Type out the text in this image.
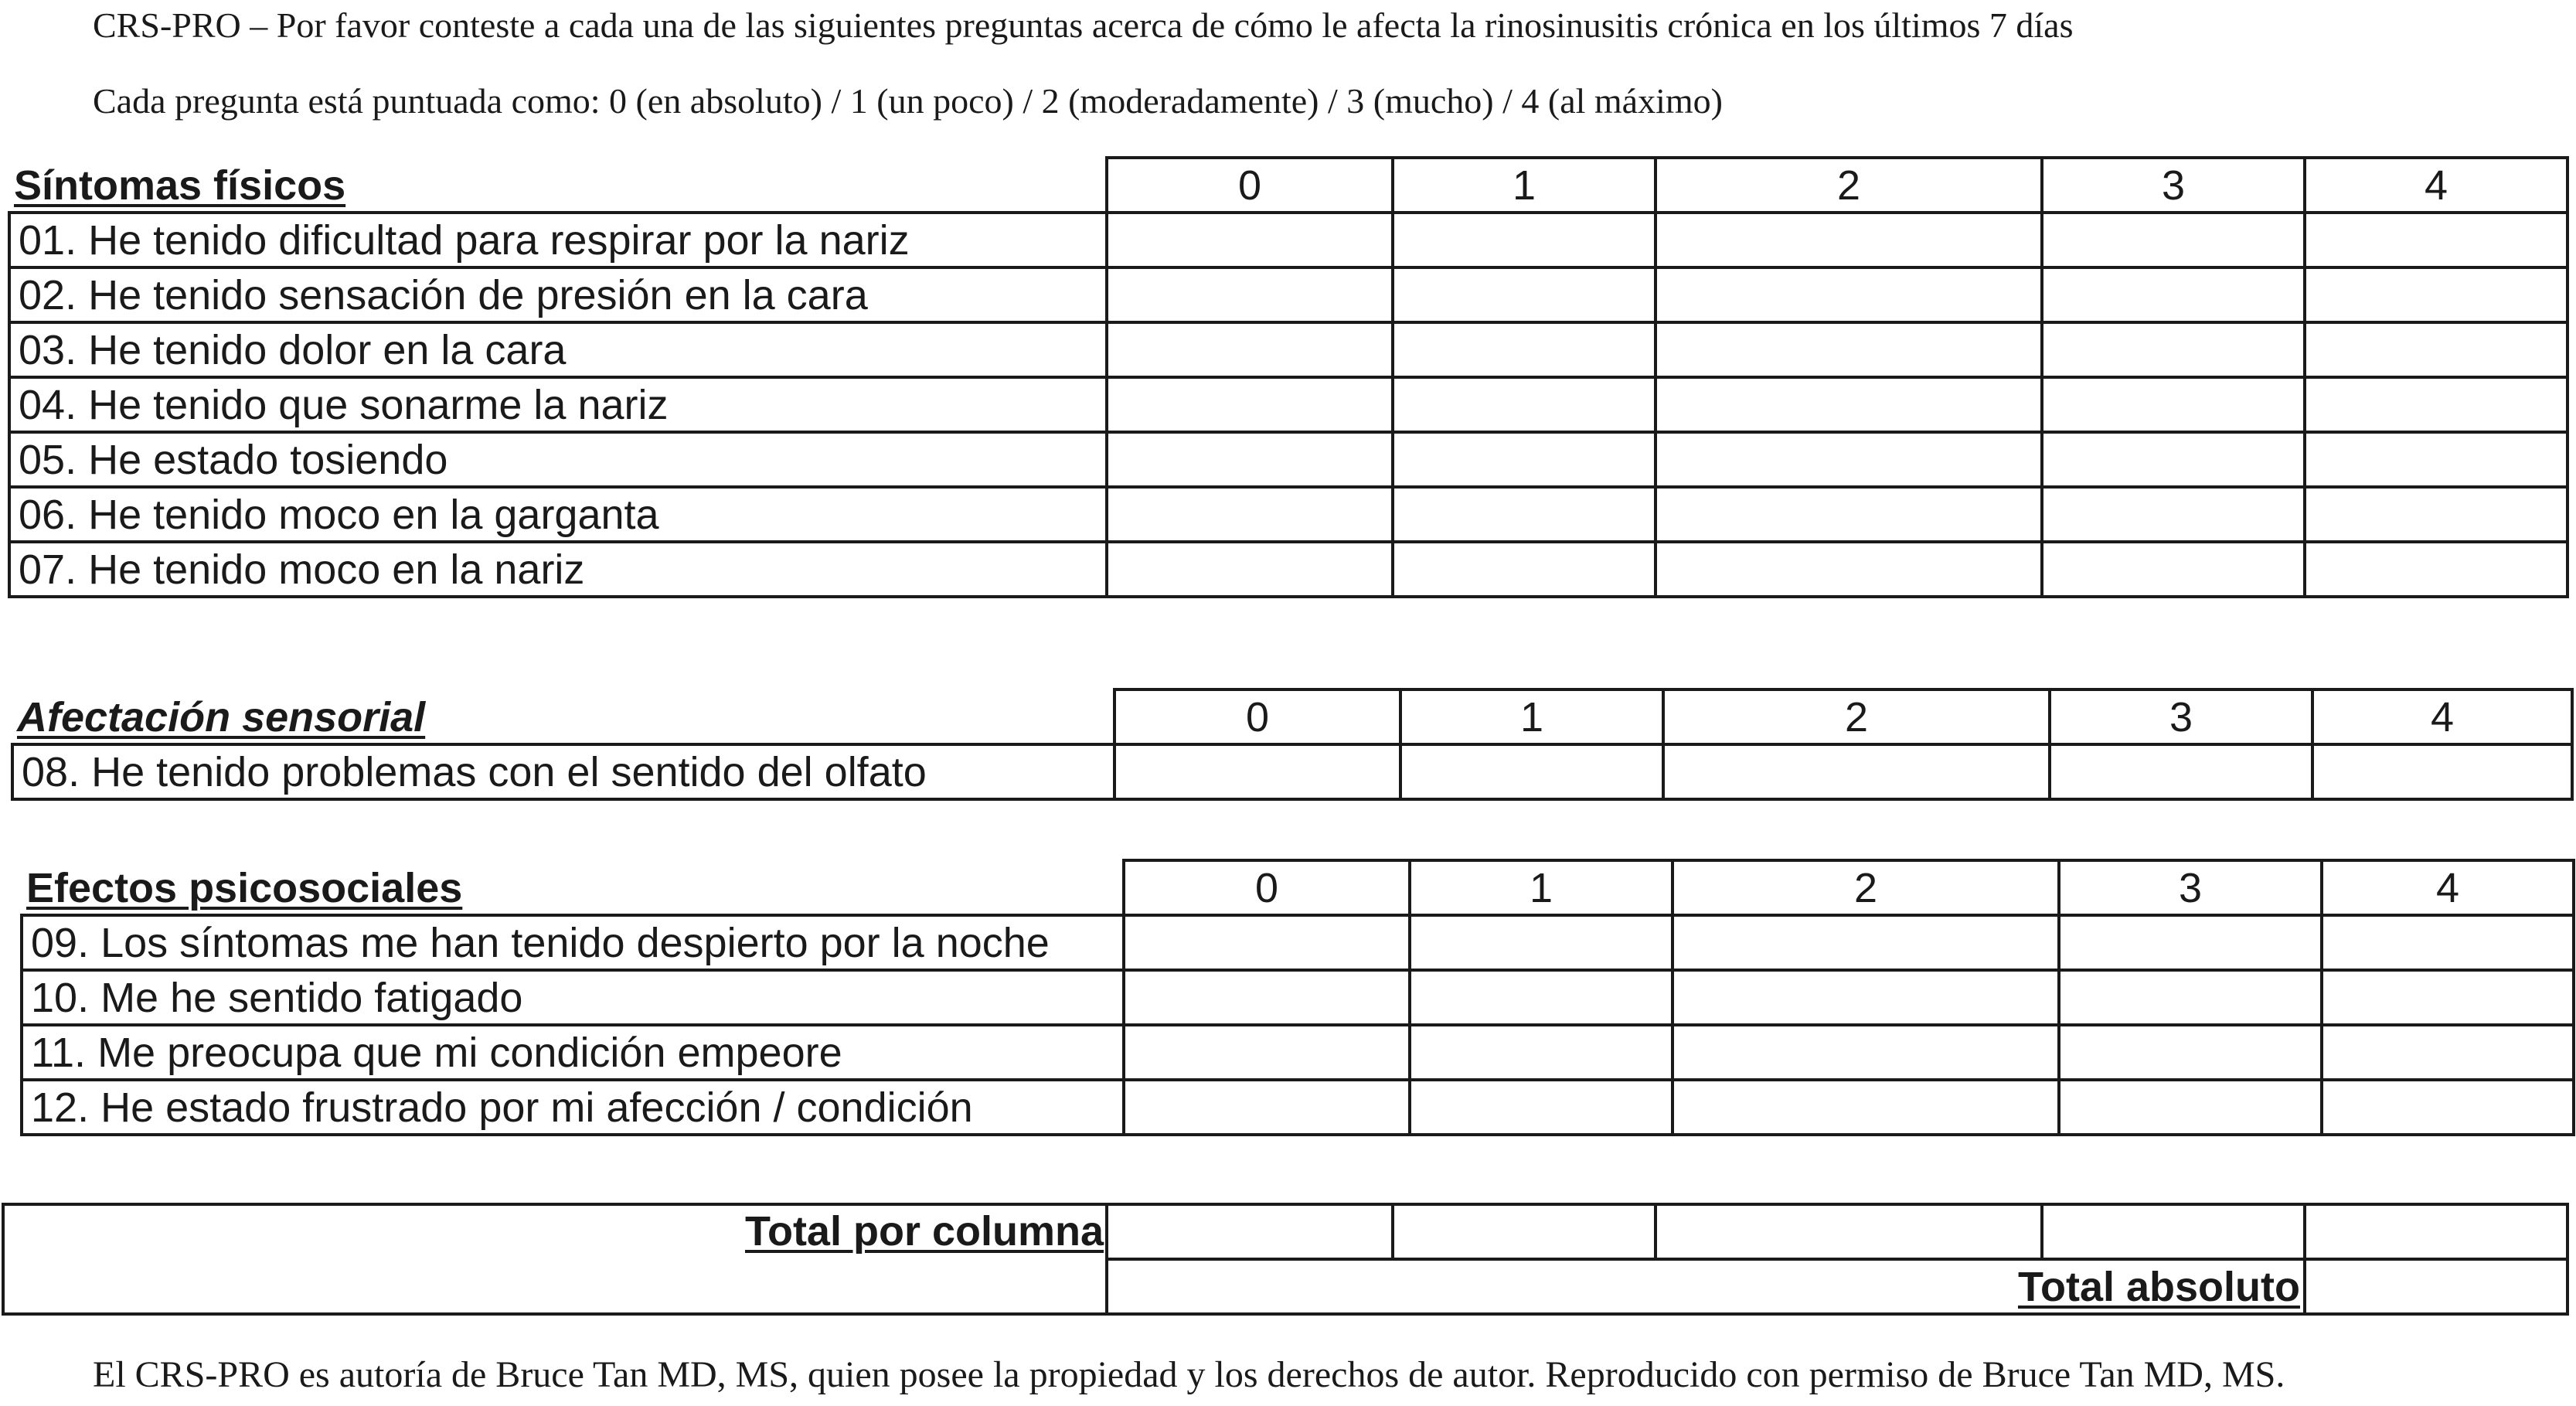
CRS-PRO – Por favor conteste a cada una de las siguientes preguntas acerca de cómo le afecta la rinosinusitis crónica en los últimos 7 días
Cada pregunta está puntuada como: 0 (en absoluto) / 1 (un poco) / 2 (moderadamente) / 3 (mucho) / 4 (al máximo)
Síntomas físicos	0	1	2	3	4
01. He tenido dificultad para respirar por la nariz					
02. He tenido sensación de presión en la cara					
03. He tenido dolor en la cara					
04. He tenido que sonarme la nariz					
05. He estado tosiendo					
06. He tenido moco en la garganta					
07. He tenido moco en la nariz					
Afectación sensorial	0	1	2	3	4
08. He tenido problemas con el sentido del olfato					
Efectos psicosociales	0	1	2	3	4
09. Los síntomas me han tenido despierto por la noche					
10. Me he sentido fatigado					
11. Me preocupa que mi condición empeore					
12. He estado frustrado por mi afección / condición					
Total por columna					
	Total absoluto				
El CRS-PRO es autoría de Bruce Tan MD, MS, quien posee la propiedad y los derechos de autor. Reproducido con permiso de Bruce Tan MD, MS.
